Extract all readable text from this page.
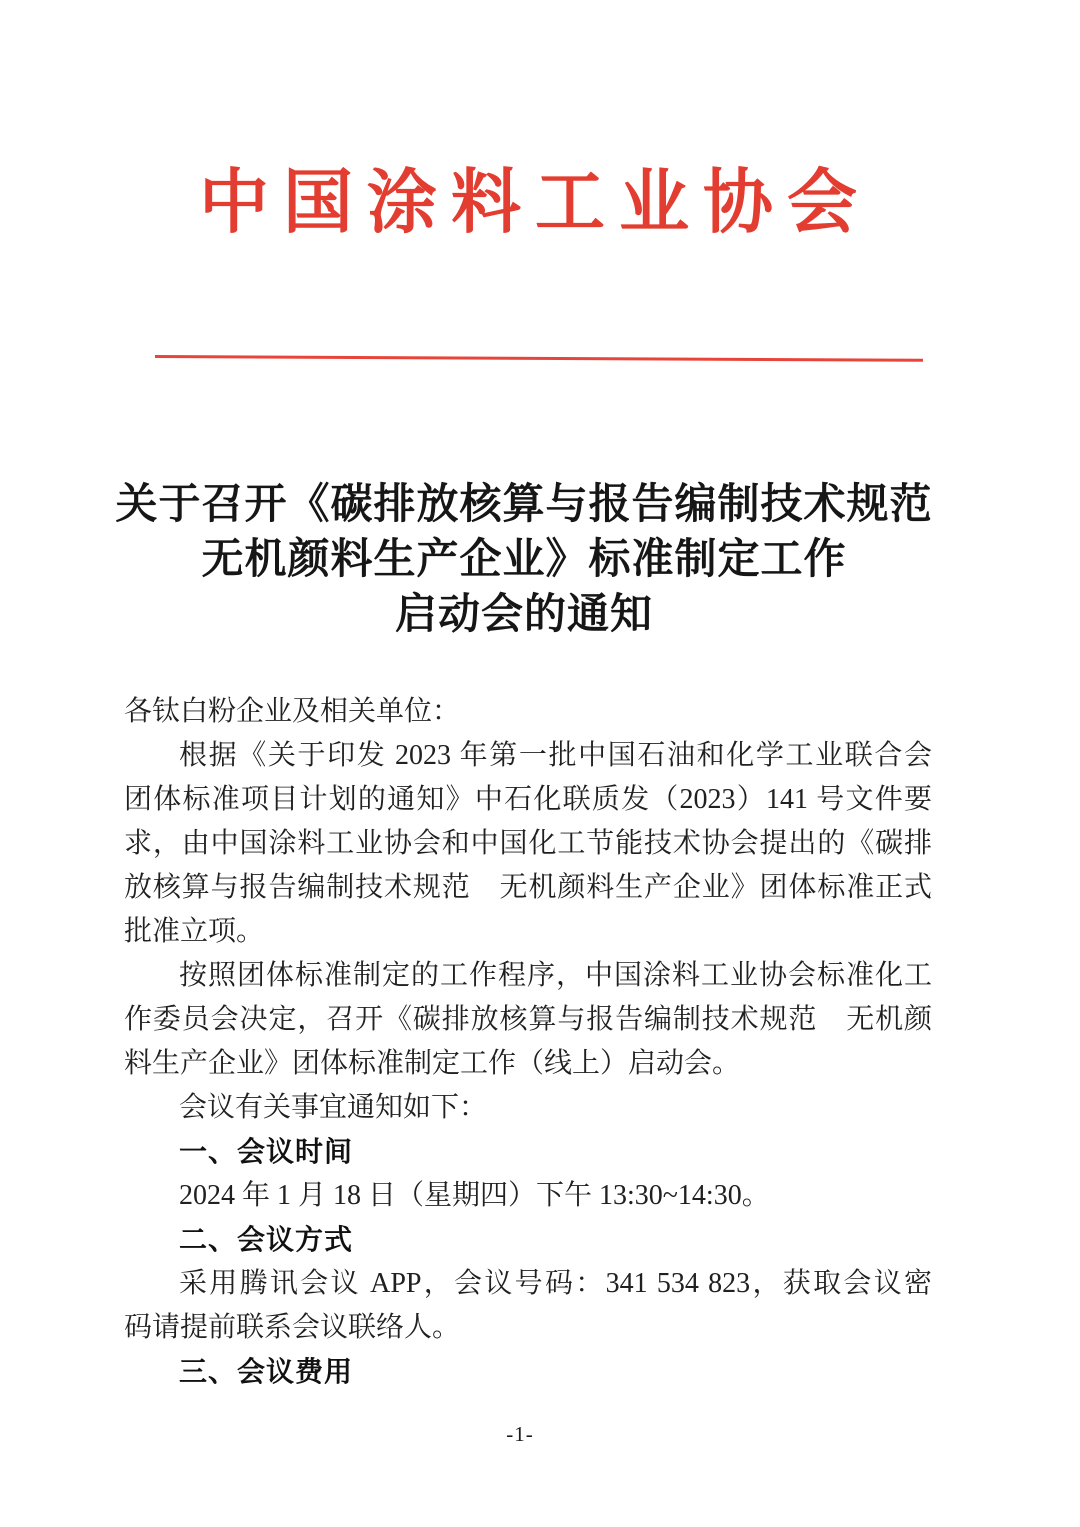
中国涂料工业协会
关于召开《碳排放核算与报告编制技术规范
无机颜料生产企业》标准制定工作
启动会的通知
各钛白粉企业及相关单位：
根据《关于印发 2023 年第一批中国石油和化学工业联合会
团体标准项目计划的通知》中石化联质发（2023）141 号文件要
求，由中国涂料工业协会和中国化工节能技术协会提出的《碳排
放核算与报告编制技术规范　无机颜料生产企业》团体标准正式
批准立项。
按照团体标准制定的工作程序，中国涂料工业协会标准化工
作委员会决定，召开《碳排放核算与报告编制技术规范　无机颜
料生产企业》团体标准制定工作（线上）启动会。
会议有关事宜通知如下：
一、会议时间
2024 年 1 月 18 日（星期四）下午 13:30~14:30。
二、会议方式
采用腾讯会议 APP，会议号码：341 534 823，获取会议密
码请提前联系会议联络人。
三、会议费用
-1-
